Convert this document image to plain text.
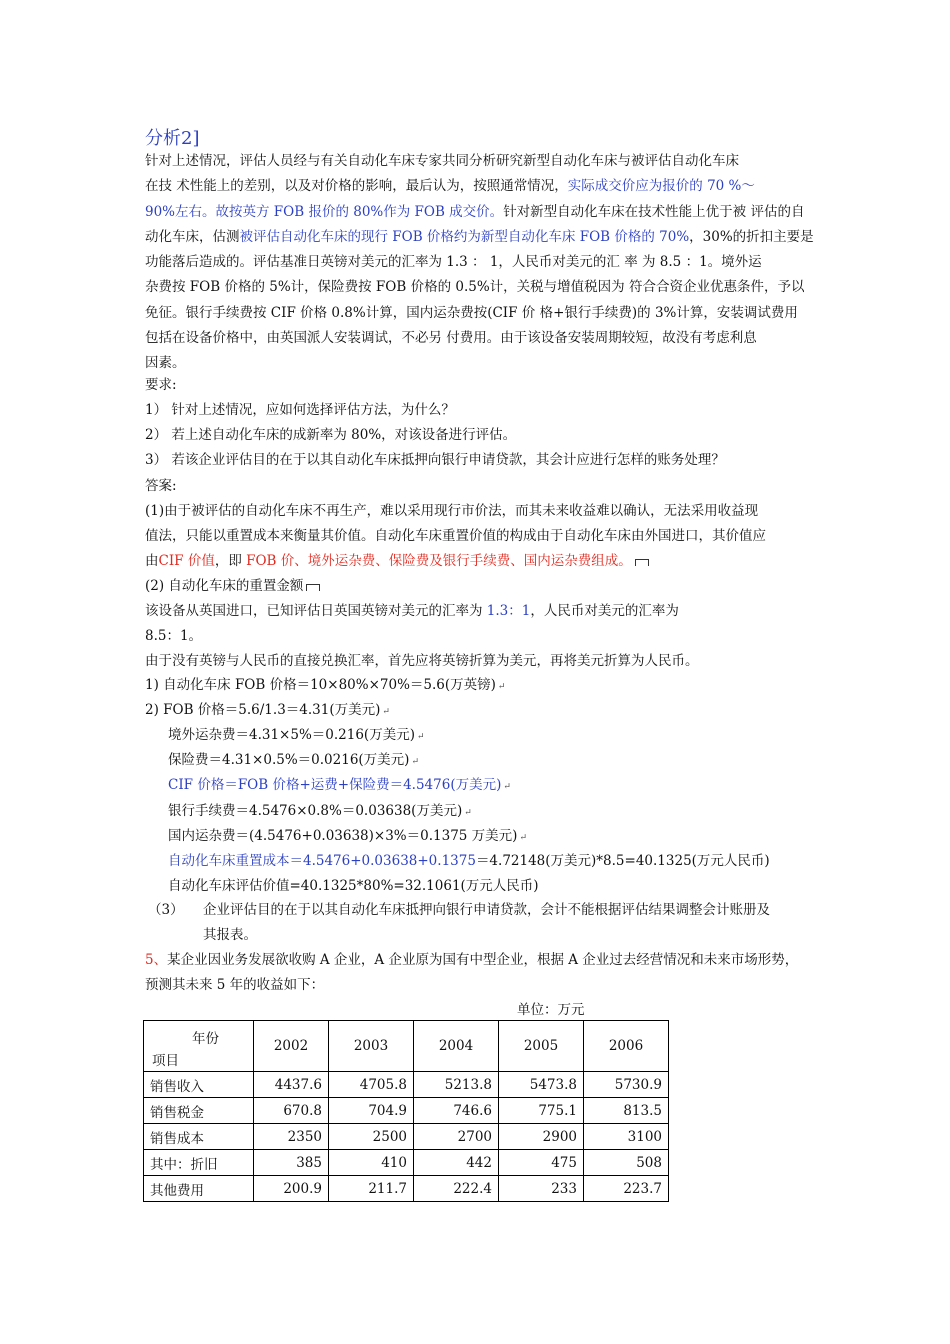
分析2]
针对上述情况，评估人员经与有关自动化车床专家共同分析研究新型自动化车床与被评估自动化车床
在技 术性能上的差别，以及对价格的影响，最后认为，按照通常情况，实际成交价应为报价的 70 %～
90%左右。故按英方 FOB 报价的 80%作为 FOB 成交价。针对新型自动化车床在技术性能上优于被 评估的自
动化车床，估测被评估自动化车床的现行 FOB 价格约为新型自动化车床 FOB 价格的 70%，30%的折扣主要是
功能落后造成的。评估基准日英镑对美元的汇率为 1.3 ： 1，人民币对美元的汇 率 为 8.5 ：1。境外运
杂费按 FOB 价格的 5%计，保险费按 FOB 价格的 0.5%计，关税与增值税因为 符合合资企业优惠条件，予以
免征。银行手续费按 CIF 价格 0.8%计算，国内运杂费按(CIF 价 格+银行手续费)的 3%计算，安装调试费用
包括在设备价格中，由英国派人安装调试，不必另 付费用。由于该设备安装周期较短，故没有考虑利息
因素。
要求:
1） 针对上述情况，应如何选择评估方法，为什么？
2） 若上述自动化车床的成新率为 80%，对该设备进行评估。
3） 若该企业评估目的在于以其自动化车床抵押向银行申请贷款，其会计应进行怎样的账务处理？
答案:
(1)由于被评估的自动化车床不再生产，难以采用现行市价法，而其未来收益难以确认，无法采用收益现
值法，只能以重置成本来衡量其价值。自动化车床重置价值的构成由于自动化车床由外国进口，其价值应
由CIF 价值，即 FOB 价、境外运杂费、保险费及银行手续费、国内运杂费组成。
(2) 自动化车床的重置金额
该设备从英国进口，已知评估日英国英镑对美元的汇率为 1.3：1，人民币对美元的汇率为
8.5：1。
由于没有英镑与人民币的直接兑换汇率，首先应将英镑折算为美元，再将美元折算为人民币。
1) 自动化车床 FOB 价格＝10×80%×70%＝5.6(万英镑) ↵
2) FOB 价格＝5.6/1.3＝4.31(万美元) ↵
境外运杂费＝4.31×5%＝0.216(万美元) ↵
保险费＝4.31×0.5%＝0.0216(万美元) ↵
CIF 价格＝FOB 价格+运费+保险费＝4.5476(万美元) ↵
银行手续费＝4.5476×0.8%＝0.03638(万美元) ↵
国内运杂费＝(4.5476+0.03638)×3%＝0.1375 万美元) ↵
自动化车床重置成本＝4.5476+0.03638+0.1375＝4.72148(万美元)*8.5=40.1325(万元人民币)
自动化车床评估价值=40.1325*80%=32.1061(万元人民币)
（3） 企业评估目的在于以其自动化车床抵押向银行申请贷款，会计不能根据评估结果调整会计账册及
其报表。
5、某企业因业务发展欲收购 A 企业，A 企业原为国有中型企业，根据 A 企业过去经营情况和未来市场形势，
预测其未来 5 年的收益如下：
单位：万元
年份
项目	2002	2003	2004	2005	2006
销售收入	4437.6	4705.8	5213.8	5473.8	5730.9
销售税金	670.8	704.9	746.6	775.1	813.5
销售成本	2350	2500	2700	2900	3100
其中：折旧	385	410	442	475	508
其他费用	200.9	211.7	222.4	233	223.7
